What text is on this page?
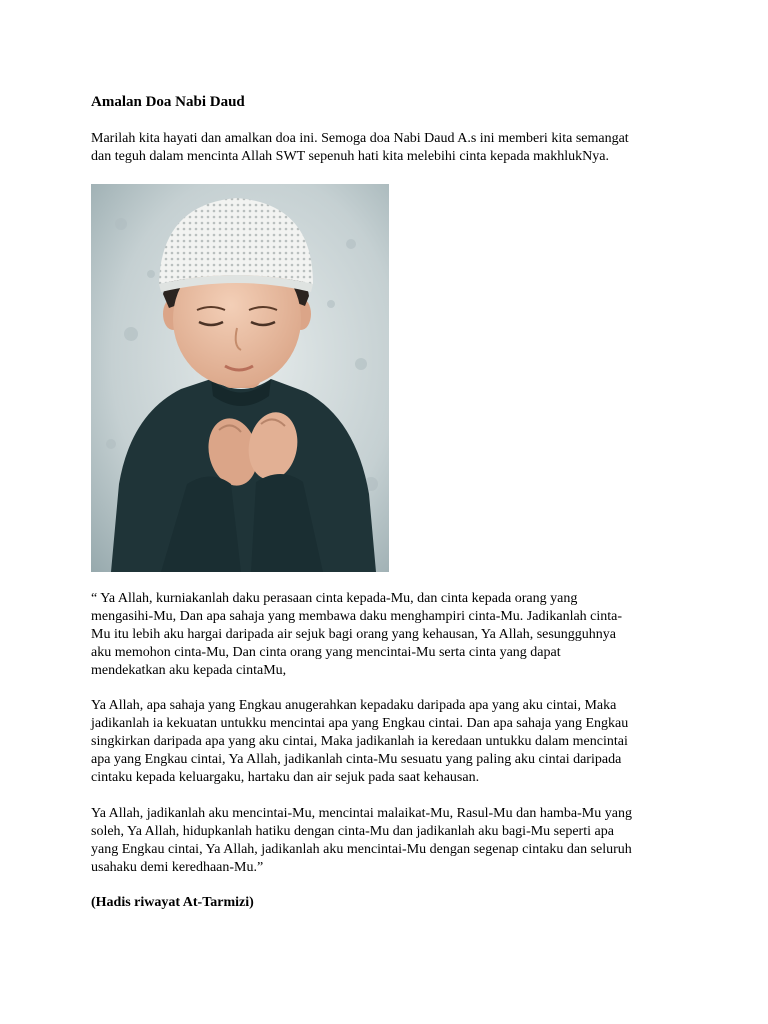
Amalan Doa Nabi Daud

Marilah kita hayati dan amalkan doa ini. Semoga doa Nabi Daud A.s ini memberi kita semangat
dan teguh dalam mencinta Allah SWT sepenuh hati kita melebihi cinta kepada makhlukNya.

“ Ya Allah, kurniakanlah daku perasaan cinta kepada-Mu, dan cinta kepada orang yang
mengasihi-Mu, Dan apa sahaja yang membawa daku menghampiri cinta-Mu. Jadikanlah cinta-
Mu itu lebih aku hargai daripada air sejuk bagi orang yang kehausan, Ya Allah, sesungguhnya
aku memohon cinta-Mu, Dan cinta orang yang mencintai-Mu serta cinta yang dapat
mendekatkan aku kepada cintaMu,

Ya Allah, apa sahaja yang Engkau anugerahkan kepadaku daripada apa yang aku cintai, Maka
jadikanlah ia kekuatan untukku mencintai apa yang Engkau cintai. Dan apa sahaja yang Engkau
singkirkan daripada apa yang aku cintai, Maka jadikanlah ia keredaan untukku dalam mencintai
apa yang Engkau cintai, Ya Allah, jadikanlah cinta-Mu sesuatu yang paling aku cintai daripada
cintaku kepada keluargaku, hartaku dan air sejuk pada saat kehausan.

Ya Allah, jadikanlah aku mencintai-Mu, mencintai malaikat-Mu, Rasul-Mu dan hamba-Mu yang
soleh, Ya Allah, hidupkanlah hatiku dengan cinta-Mu dan jadikanlah aku bagi-Mu seperti apa
yang Engkau cintai, Ya Allah, jadikanlah aku mencintai-Mu dengan segenap cintaku dan seluruh
usahaku demi keredhaan-Mu.”

(Hadis riwayat At-Tarmizi)
